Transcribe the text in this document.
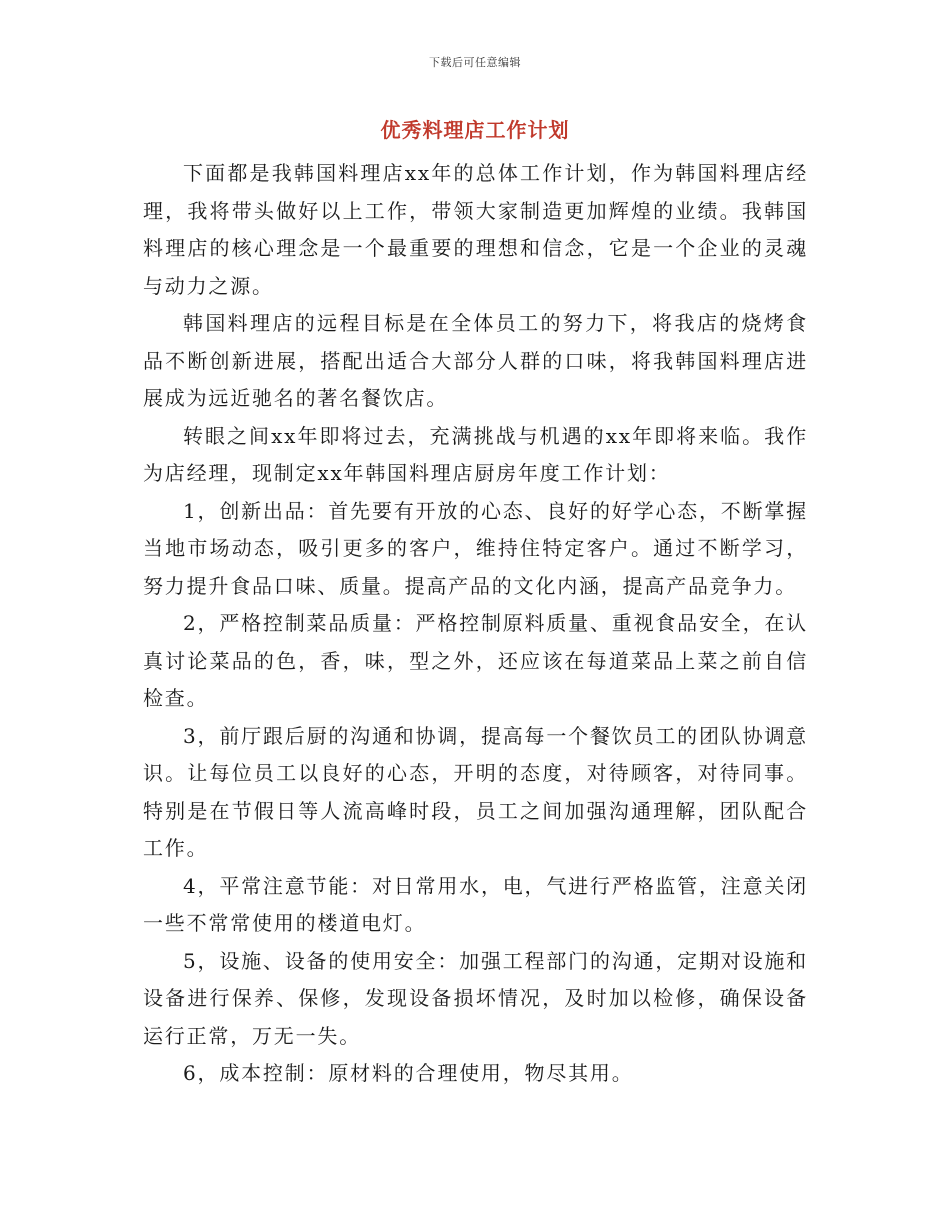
下载后可任意编辑
优秀料理店工作计划

下面都是我韩国料理店xx年的总体工作计划，作为韩国料理店经理，我将带头做好以上工作，带领大家制造更加辉煌的业绩。我韩国料理店的核心理念是一个最重要的理想和信念，它是一个企业的灵魂与动力之源。

韩国料理店的远程目标是在全体员工的努力下，将我店的烧烤食品不断创新进展，搭配出适合大部分人群的口味，将我韩国料理店进展成为远近驰名的著名餐饮店。

转眼之间xx年即将过去，充满挑战与机遇的xx年即将来临。我作为店经理，现制定xx年韩国料理店厨房年度工作计划：

1，创新出品：首先要有开放的心态、良好的好学心态，不断掌握当地市场动态，吸引更多的客户，维持住特定客户。通过不断学习，努力提升食品口味、质量。提高产品的文化内涵，提高产品竞争力。

2，严格控制菜品质量：严格控制原料质量、重视食品安全，在认真讨论菜品的色，香，味，型之外，还应该在每道菜品上菜之前自信检查。

3，前厅跟后厨的沟通和协调，提高每一个餐饮员工的团队协调意识。让每位员工以良好的心态，开明的态度，对待顾客，对待同事。特别是在节假日等人流高峰时段，员工之间加强沟通理解，团队配合工作。

4，平常注意节能：对日常用水，电，气进行严格监管，注意关闭一些不常常使用的楼道电灯。

5，设施、设备的使用安全：加强工程部门的沟通，定期对设施和设备进行保养、保修，发现设备损坏情况，及时加以检修，确保设备运行正常，万无一失。

6，成本控制：原材料的合理使用，物尽其用。
